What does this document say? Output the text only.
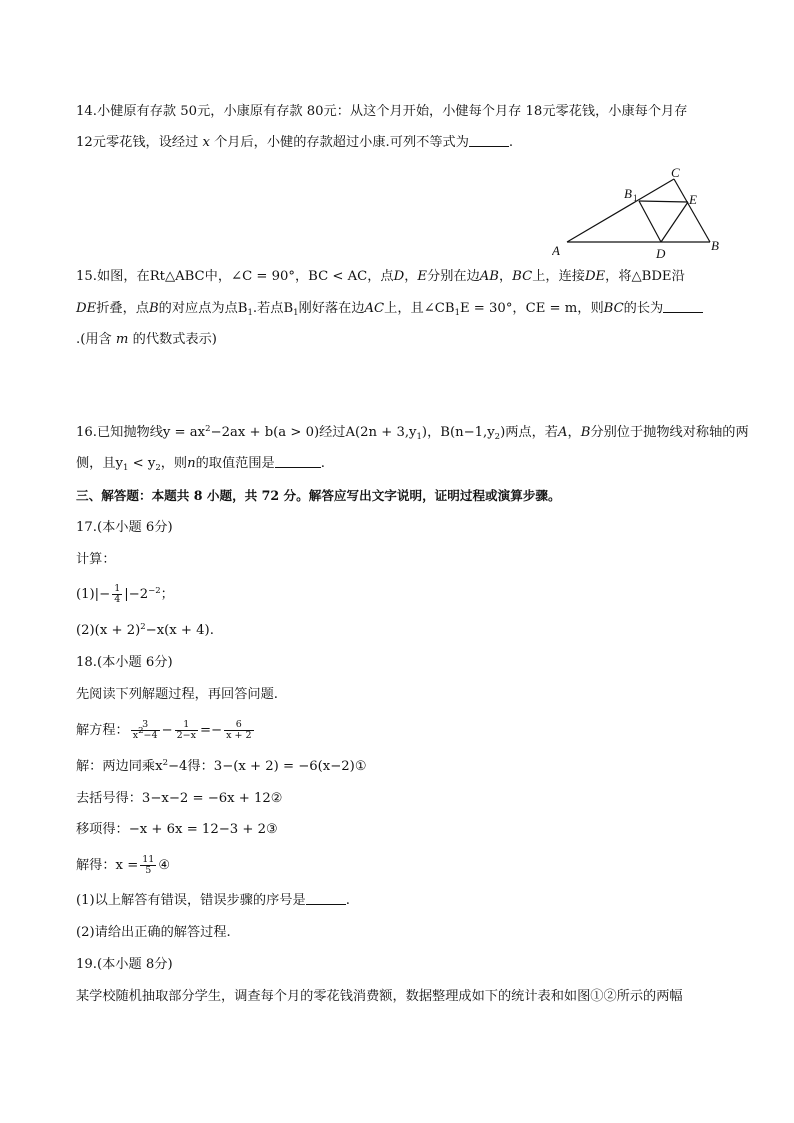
14.小健原有存款 50元，小康原有存款 80元：从这个月开始，小健每个月存 18元零花钱，小康每个月存
12元零花钱，设经过 x 个月后，小健的存款超过小康.可列不等式为	.
A	B
C
D
E
B 1
15.如图，在Rt△ABC中，∠C = 90°，BC < AC，点D，E分别在边AB，BC上，连接DE，将△BDE沿
DE折叠，点B的对应点为点$B_1$.若点$B_1$刚好落在边AC上，且$\angle CB_1E = 30^\circ$，CE = m，则BC的长为
.(用含 m 的代数式表示)
16.已知抛物线$y = ax^2-2ax + b(a > 0)$经过$A(2n + 3,y_1)$，$B(n-1,y_2)$两点，若A，B分别位于抛物线对称轴的两
侧，且$y_1 < y_2$，则n的取值范围是	.
三、解答题：本题共 8 小题，共 72 分。解答应写出文字说明，证明过程或演算步骤。
17.(本小题 6分)
计算：
$(1)|- \frac{1}{4} |-2^{-2}$；
$(2)(x + 2)^2-x(x + 4)$.
18.(本小题 6分)
先阅读下列解题过程，再回答问题.
解方程： $\frac{3}{x^2-4} - \frac{1}{2-x} =- \frac{6}{x + 2}$
解：两边同乘$x^2-4$得：3−(x + 2) = −6(x−2)①
去括号得：3−x−2 = −6x + 12②
移项得：−x + 6x = 12−3 + 2③
解得：$x = \frac{11}{5}$ ④
(1)以上解答有错误，错误步骤的序号是	.
(2)请给出正确的解答过程.
19.(本小题 8分)
某学校随机抽取部分学生，调查每个月的零花钱消费额，数据整理成如下的统计表和如图①②所示的两幅
